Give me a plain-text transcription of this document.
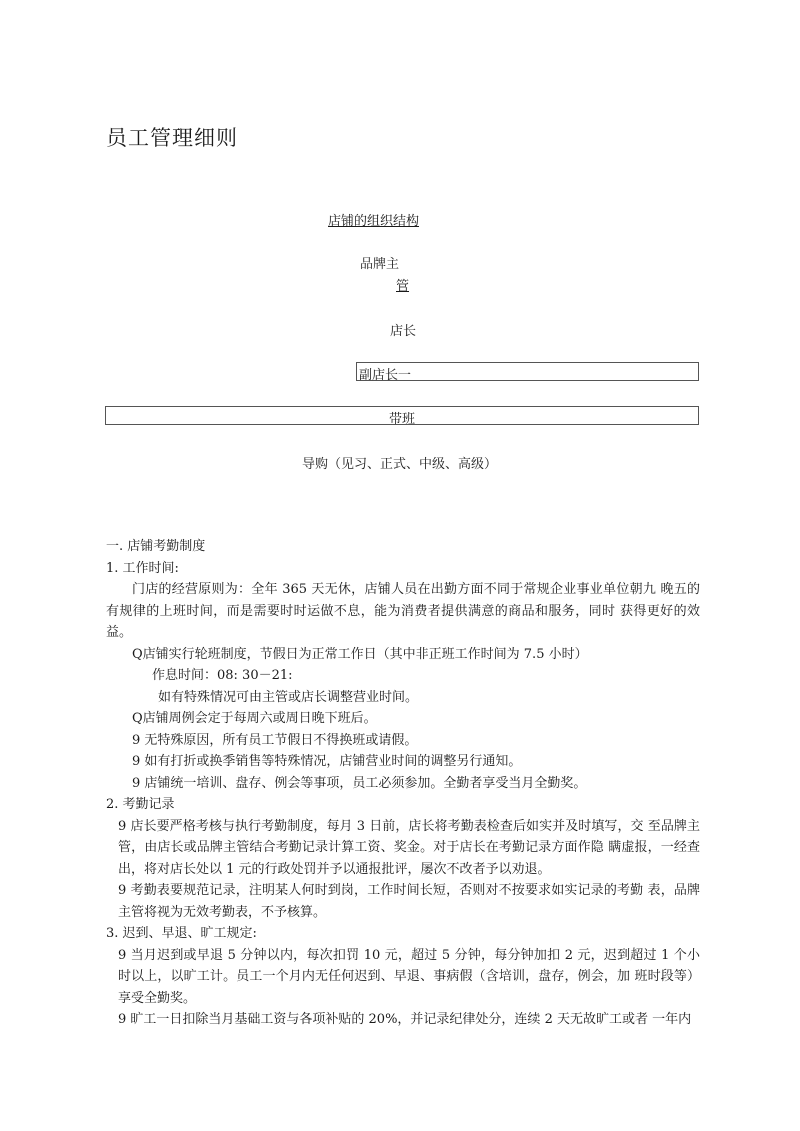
员工管理细则
店铺的组织结构
品牌主
管
店长
副店长一
带班
导购（见习、正式、中级、高级）

一. 店铺考勤制度

1. 工作时间:

门店的经营原则为：全年 365 天无休，店铺人员在出勤方面不同于常规企业事业单位朝九 晚五的有规律的上班时间，而是需要时时运做不息，能为消费者提供满意的商品和服务，同时 获得更好的效益。

Q店铺实行轮班制度，节假日为正常工作日（其中非正班工作时间为 7.5 小时）

作息时间：08: 30－21:

如有特殊情况可由主管或店长调整营业时间。

Q店铺周例会定于每周六或周日晚下班后。

9 无特殊原因，所有员工节假日不得换班或请假。

9 如有打折或换季销售等特殊情况，店铺营业时间的调整另行通知。

9 店铺统一培训、盘存、例会等事项，员工必须参加。全勤者享受当月全勤奖。

2. 考勤记录

9 店长要严格考核与执行考勤制度，每月 3 日前，店长将考勤表检查后如实并及时填写，交 至品牌主管，由店长或品牌主管结合考勤记录计算工资、奖金。对于店长在考勤记录方面作隐 瞒虚报，一经查出，将对店长处以 1 元的行政处罚并予以通报批评，屡次不改者予以劝退。

9 考勤表要规范记录，注明某人何时到岗，工作时间长短，否则对不按要求如实记录的考勤 表，品牌主管将视为无效考勤表，不予核算。

3. 迟到、早退、旷工规定:

9 当月迟到或早退 5 分钟以内，每次扣罚 10 元，超过 5 分钟，每分钟加扣 2 元，迟到超过 1 个小时以上，以旷工计。员工一个月内无任何迟到、早退、事病假（含培训，盘存，例会，加 班时段等）享受全勤奖。

9 旷工一日扣除当月基础工资与各项补贴的 20%，并记录纪律处分，连续 2 天无故旷工或者 一年内
